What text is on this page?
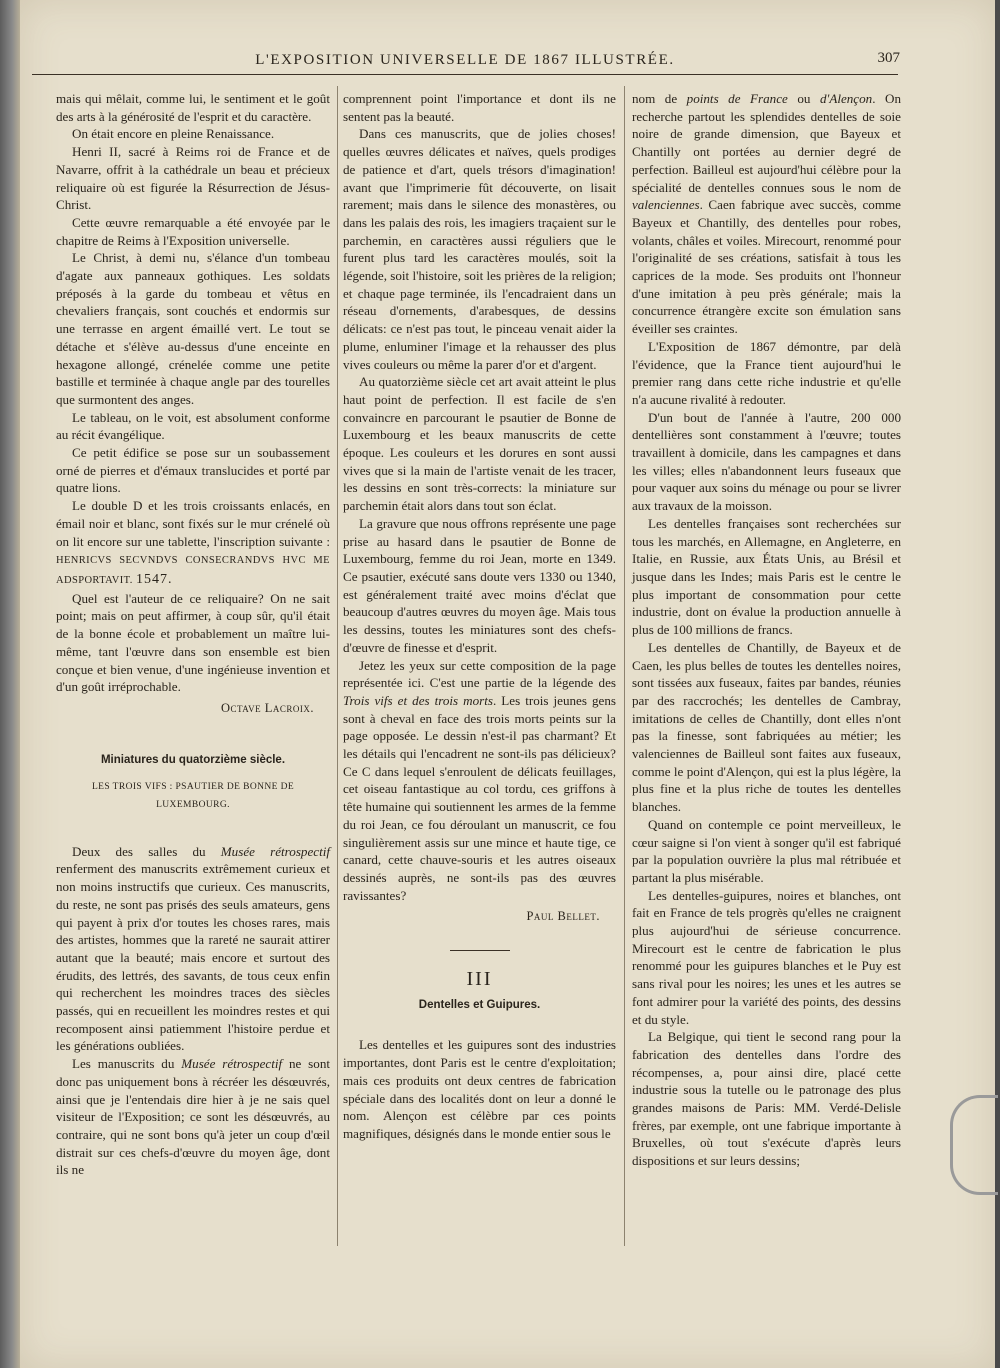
L'EXPOSITION UNIVERSELLE DE 1867 ILLUSTRÉE.	307

mais qui mêlait, comme lui, le sentiment et le goût des arts à la générosité de l'esprit et du caractère.

On était encore en pleine Renaissance.

Henri II, sacré à Reims roi de France et de Navarre, offrit à la cathédrale un beau et précieux reliquaire où est figurée la Résurrection de Jésus-Christ.

Cette œuvre remarquable a été envoyée par le chapitre de Reims à l'Exposition universelle.

Le Christ, à demi nu, s'élance d'un tombeau d'agate aux panneaux gothiques. Les soldats préposés à la garde du tombeau et vêtus en chevaliers français, sont couchés et endormis sur une terrasse en argent émaillé vert. Le tout se détache et s'élève au-dessus d'une enceinte en hexagone allongé, crénelée comme une petite bastille et terminée à chaque angle par des tourelles que surmontent des anges.

Le tableau, on le voit, est absolument conforme au récit évangélique.

Ce petit édifice se pose sur un soubassement orné de pierres et d'émaux translucides et porté par quatre lions.

Le double D et les trois croissants enlacés, en émail noir et blanc, sont fixés sur le mur crénelé où on lit encore sur une tablette, l'inscription suivante : HENRICVS SECVNDVS CONSECRANDVS HVC ME ADSPORTAVIT. 1547.

Quel est l'auteur de ce reliquaire? On ne sait point; mais on peut affirmer, à coup sûr, qu'il était de la bonne école et probablement un maître lui-même, tant l'œuvre dans son ensemble est bien conçue et bien venue, d'une ingénieuse invention et d'un goût irréprochable.

Octave Lacroix.

Miniatures du quatorzième siècle.

LES TROIS VIFS : PSAUTIER DE BONNE DE LUXEMBOURG.

Deux des salles du Musée rétrospectif renferment des manuscrits extrêmement curieux et non moins instructifs que curieux. Ces manuscrits, du reste, ne sont pas prisés des seuls amateurs, gens qui payent à prix d'or toutes les choses rares, mais des artistes, hommes que la rareté ne saurait attirer autant que la beauté; mais encore et surtout des érudits, des lettrés, des savants, de tous ceux enfin qui recherchent les moindres traces des siècles passés, qui en recueillent les moindres restes et qui recomposent ainsi patiemment l'histoire perdue et les générations oubliées.

Les manuscrits du Musée rétrospectif ne sont donc pas uniquement bons à récréer les désœuvrés, ainsi que je l'entendais dire hier à je ne sais quel visiteur de l'Exposition; ce sont les désœuvrés, au contraire, qui ne sont bons qu'à jeter un coup d'œil distrait sur ces chefs-d'œuvre du moyen âge, dont ils ne

comprennent point l'importance et dont ils ne sentent pas la beauté.

Dans ces manuscrits, que de jolies choses! quelles œuvres délicates et naïves, quels prodiges de patience et d'art, quels trésors d'imagination! avant que l'imprimerie fût découverte, on lisait rarement; mais dans le silence des monastères, ou dans les palais des rois, les imagiers traçaient sur le parchemin, en caractères aussi réguliers que le furent plus tard les caractères moulés, soit la légende, soit l'histoire, soit les prières de la religion; et chaque page terminée, ils l'encadraient dans un réseau d'ornements, d'arabesques, de dessins délicats: ce n'est pas tout, le pinceau venait aider la plume, enluminer l'image et la rehausser des plus vives couleurs ou même la parer d'or et d'argent.

Au quatorzième siècle cet art avait atteint le plus haut point de perfection. Il est facile de s'en convaincre en parcourant le psautier de Bonne de Luxembourg et les beaux manuscrits de cette époque. Les couleurs et les dorures en sont aussi vives que si la main de l'artiste venait de les tracer, les dessins en sont très-corrects: la miniature sur parchemin était alors dans tout son éclat.

La gravure que nous offrons représente une page prise au hasard dans le psautier de Bonne de Luxembourg, femme du roi Jean, morte en 1349. Ce psautier, exécuté sans doute vers 1330 ou 1340, est généralement traité avec moins d'éclat que beaucoup d'autres œuvres du moyen âge. Mais tous les dessins, toutes les miniatures sont des chefs-d'œuvre de finesse et d'esprit.

Jetez les yeux sur cette composition de la page représentée ici. C'est une partie de la légende des Trois vifs et des trois morts. Les trois jeunes gens sont à cheval en face des trois morts peints sur la page opposée. Le dessin n'est-il pas charmant? Et les détails qui l'encadrent ne sont-ils pas délicieux? Ce C dans lequel s'enroulent de délicats feuillages, cet oiseau fantastique au col tordu, ces griffons à tête humaine qui soutiennent les armes de la femme du roi Jean, ce fou déroulant un manuscrit, ce fou singulièrement assis sur une mince et haute tige, ce canard, cette chauve-souris et les autres oiseaux dessinés auprès, ne sont-ils pas des œuvres ravissantes?

Paul Bellet.

III

Dentelles et Guipures.

Les dentelles et les guipures sont des industries importantes, dont Paris est le centre d'exploitation; mais ces produits ont deux centres de fabrication spéciale dans des localités dont on leur a donné le nom. Alençon est célèbre par ces points magnifiques, désignés dans le monde entier sous le

nom de points de France ou d'Alençon. On recherche partout les splendides dentelles de soie noire de grande dimension, que Bayeux et Chantilly ont portées au dernier degré de perfection. Bailleul est aujourd'hui célèbre pour la spécialité de dentelles connues sous le nom de valenciennes. Caen fabrique avec succès, comme Bayeux et Chantilly, des dentelles pour robes, volants, châles et voiles. Mirecourt, renommé pour l'originalité de ses créations, satisfait à tous les caprices de la mode. Ses produits ont l'honneur d'une imitation à peu près générale; mais la concurrence étrangère excite son émulation sans éveiller ses craintes.

L'Exposition de 1867 démontre, par delà l'évidence, que la France tient aujourd'hui le premier rang dans cette riche industrie et qu'elle n'a aucune rivalité à redouter.

D'un bout de l'année à l'autre, 200 000 dentellières sont constamment à l'œuvre; toutes travaillent à domicile, dans les campagnes et dans les villes; elles n'abandonnent leurs fuseaux que pour vaquer aux soins du ménage ou pour se livrer aux travaux de la moisson.

Les dentelles françaises sont recherchées sur tous les marchés, en Allemagne, en Angleterre, en Italie, en Russie, aux États Unis, au Brésil et jusque dans les Indes; mais Paris est le centre le plus important de consommation pour cette industrie, dont on évalue la production annuelle à plus de 100 millions de francs.

Les dentelles de Chantilly, de Bayeux et de Caen, les plus belles de toutes les dentelles noires, sont tissées aux fuseaux, faites par bandes, réunies par des raccrochés; les dentelles de Cambray, imitations de celles de Chantilly, dont elles n'ont pas la finesse, sont fabriquées au métier; les valenciennes de Bailleul sont faites aux fuseaux, comme le point d'Alençon, qui est la plus légère, la plus fine et la plus riche de toutes les dentelles blanches.

Quand on contemple ce point merveilleux, le cœur saigne si l'on vient à songer qu'il est fabriqué par la population ouvrière la plus mal rétribuée et partant la plus misérable.

Les dentelles-guipures, noires et blanches, ont fait en France de tels progrès qu'elles ne craignent plus aujourd'hui de sérieuse concurrence. Mirecourt est le centre de fabrication le plus renommé pour les guipures blanches et le Puy est sans rival pour les noires; les unes et les autres se font admirer pour la variété des points, des dessins et du style.

La Belgique, qui tient le second rang pour la fabrication des dentelles dans l'ordre des récompenses, a, pour ainsi dire, placé cette industrie sous la tutelle ou le patronage des plus grandes maisons de Paris: MM. Verdé-Delisle frères, par exemple, ont une fabrique importante à Bruxelles, où tout s'exécute d'après leurs dispositions et sur leurs dessins;
